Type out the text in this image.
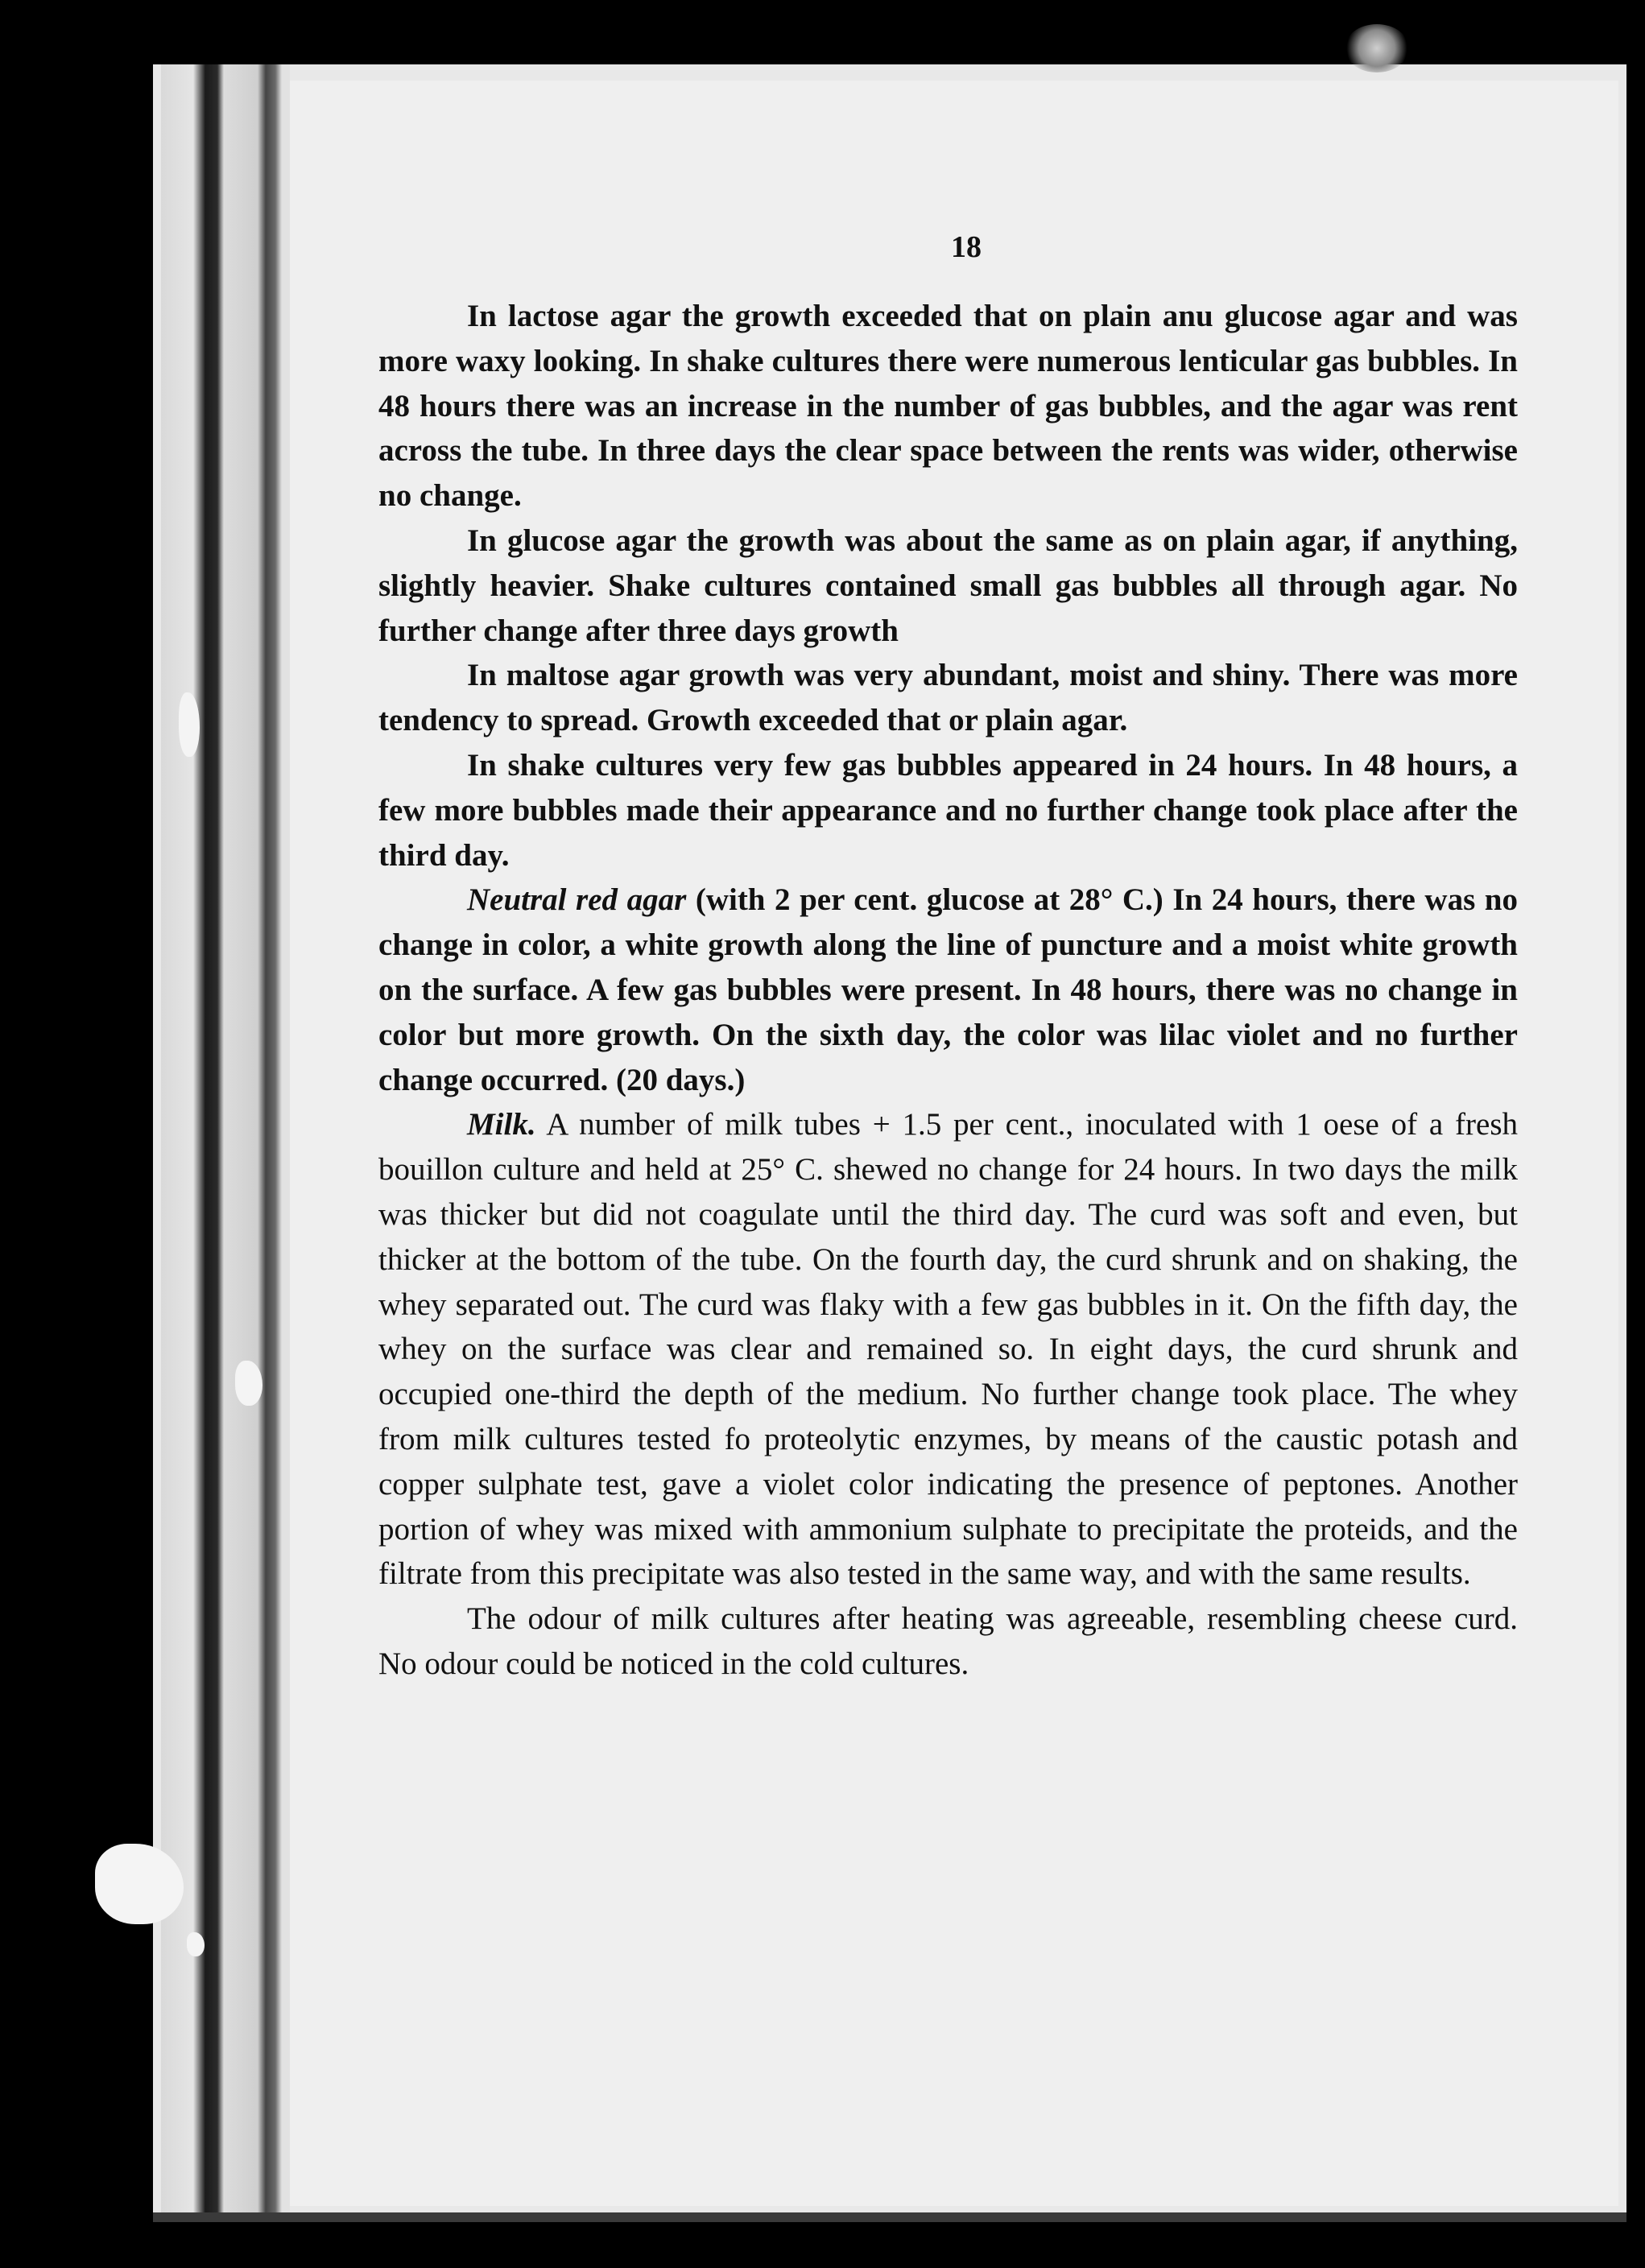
18

In lactose agar the growth exceeded that on plain anu glucose agar and was more waxy looking. In shake cultures there were numerous lenticular gas bubbles. In 48 hours there was an increase in the number of gas bubbles, and the agar was rent across the tube. In three days the clear space between the rents was wider, otherwise no change.

In glucose agar the growth was about the same as on plain agar, if anything, slightly heavier. Shake cultures contained small gas bubbles all through agar. No further change after three days growth

In maltose agar growth was very abundant, moist and shiny. There was more tendency to spread. Growth exceeded that or plain agar.

In shake cultures very few gas bubbles appeared in 24 hours. In 48 hours, a few more bubbles made their appearance and no further change took place after the third day.

Neutral red agar (with 2 per cent. glucose at 28° C.) In 24 hours, there was no change in color, a white growth along the line of puncture and a moist white growth on the surface. A few gas bubbles were present. In 48 hours, there was no change in color but more growth. On the sixth day, the color was lilac violet and no further change occurred. (20 days.)

Milk. A number of milk tubes + 1.5 per cent., inoculated with 1 oese of a fresh bouillon culture and held at 25° C. shewed no change for 24 hours. In two days the milk was thicker but did not coagulate until the third day. The curd was soft and even, but thicker at the bottom of the tube. On the fourth day, the curd shrunk and on shaking, the whey separated out. The curd was flaky with a few gas bubbles in it. On the fifth day, the whey on the surface was clear and remained so. In eight days, the curd shrunk and occupied one-third the depth of the medium. No further change took place. The whey from milk cultures tested fo proteolytic enzymes, by means of the caustic potash and copper sulphate test, gave a violet color indicating the presence of peptones. Another portion of whey was mixed with ammonium sulphate to precipitate the proteids, and the filtrate from this precipitate was also tested in the same way, and with the same results.

The odour of milk cultures after heating was agreeable, resembling cheese curd. No odour could be noticed in the cold cultures.
